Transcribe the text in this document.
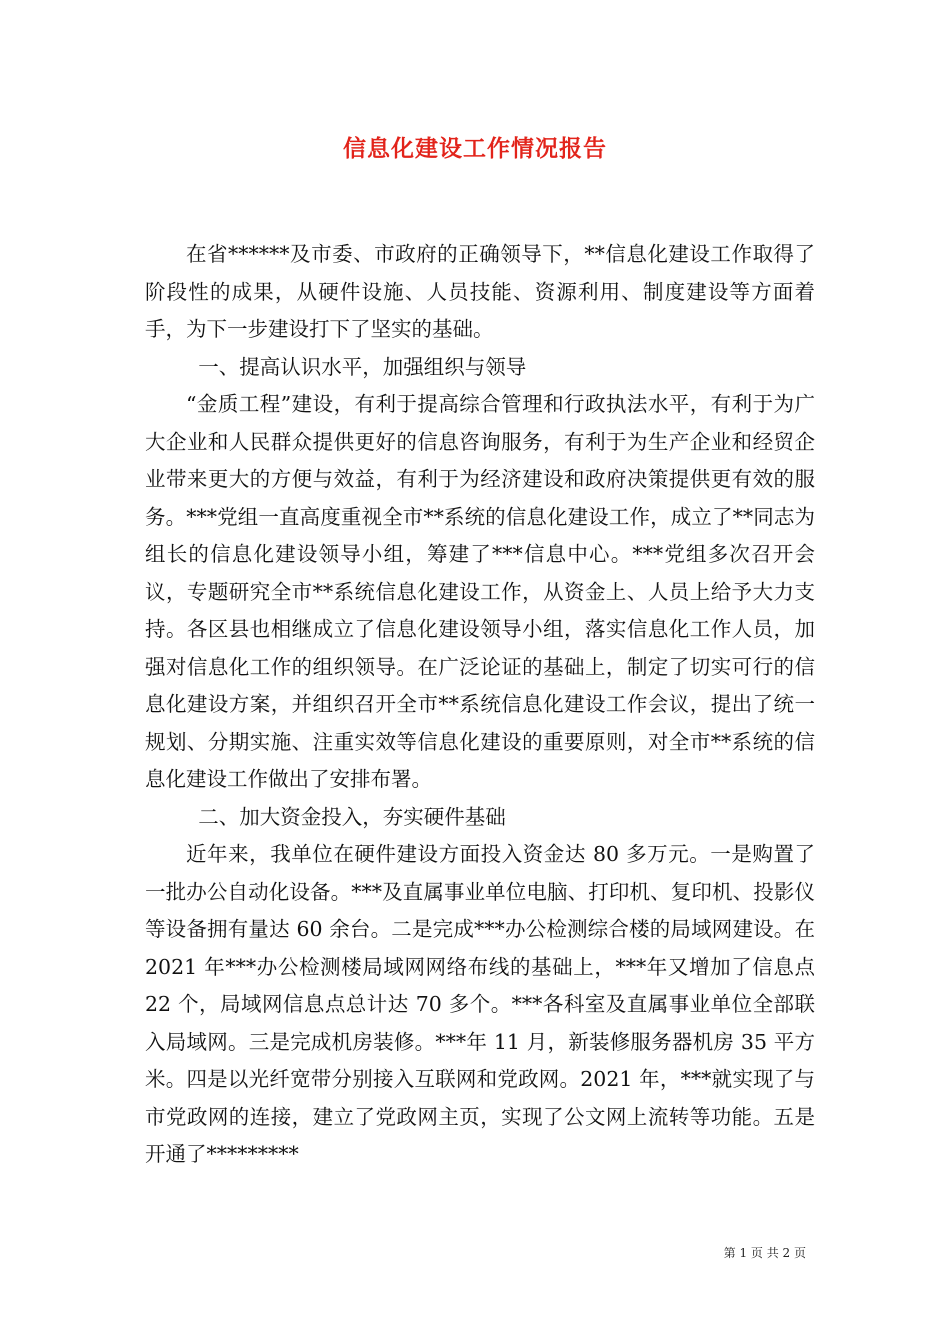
信息化建设工作情况报告

在省******及市委、市政府的正确领导下，**信息化建设工作取得了阶段性的成果，从硬件设施、人员技能、资源利用、制度建设等方面着手，为下一步建设打下了坚实的基础。

一、提高认识水平，加强组织与领导

“金质工程”建设，有利于提高综合管理和行政执法水平，有利于为广大企业和人民群众提供更好的信息咨询服务，有利于为生产企业和经贸企业带来更大的方便与效益，有利于为经济建设和政府决策提供更有效的服务。***党组一直高度重视全市**系统的信息化建设工作，成立了**同志为组长的信息化建设领导小组，筹建了***信息中心。***党组多次召开会议，专题研究全市**系统信息化建设工作，从资金上、人员上给予大力支持。各区县也相继成立了信息化建设领导小组，落实信息化工作人员，加强对信息化工作的组织领导。在广泛论证的基础上，制定了切实可行的信息化建设方案，并组织召开全市**系统信息化建设工作会议，提出了统一规划、分期实施、注重实效等信息化建设的重要原则，对全市**系统的信息化建设工作做出了安排布署。

二、加大资金投入，夯实硬件基础

近年来，我单位在硬件建设方面投入资金达 80 多万元。一是购置了一批办公自动化设备。***及直属事业单位电脑、打印机、复印机、投影仪等设备拥有量达 60 余台。二是完成***办公检测综合楼的局域网建设。在 2021 年***办公检测楼局域网网络布线的基础上，***年又增加了信息点 22 个，局域网信息点总计达 70 多个。***各科室及直属事业单位全部联入局域网。三是完成机房装修。***年 11 月，新装修服务器机房 35 平方米。四是以光纤宽带分别接入互联网和党政网。2021 年，***就实现了与市党政网的连接，建立了党政网主页，实现了公文网上流转等功能。五是开通了*********

第 1 页 共 2 页
